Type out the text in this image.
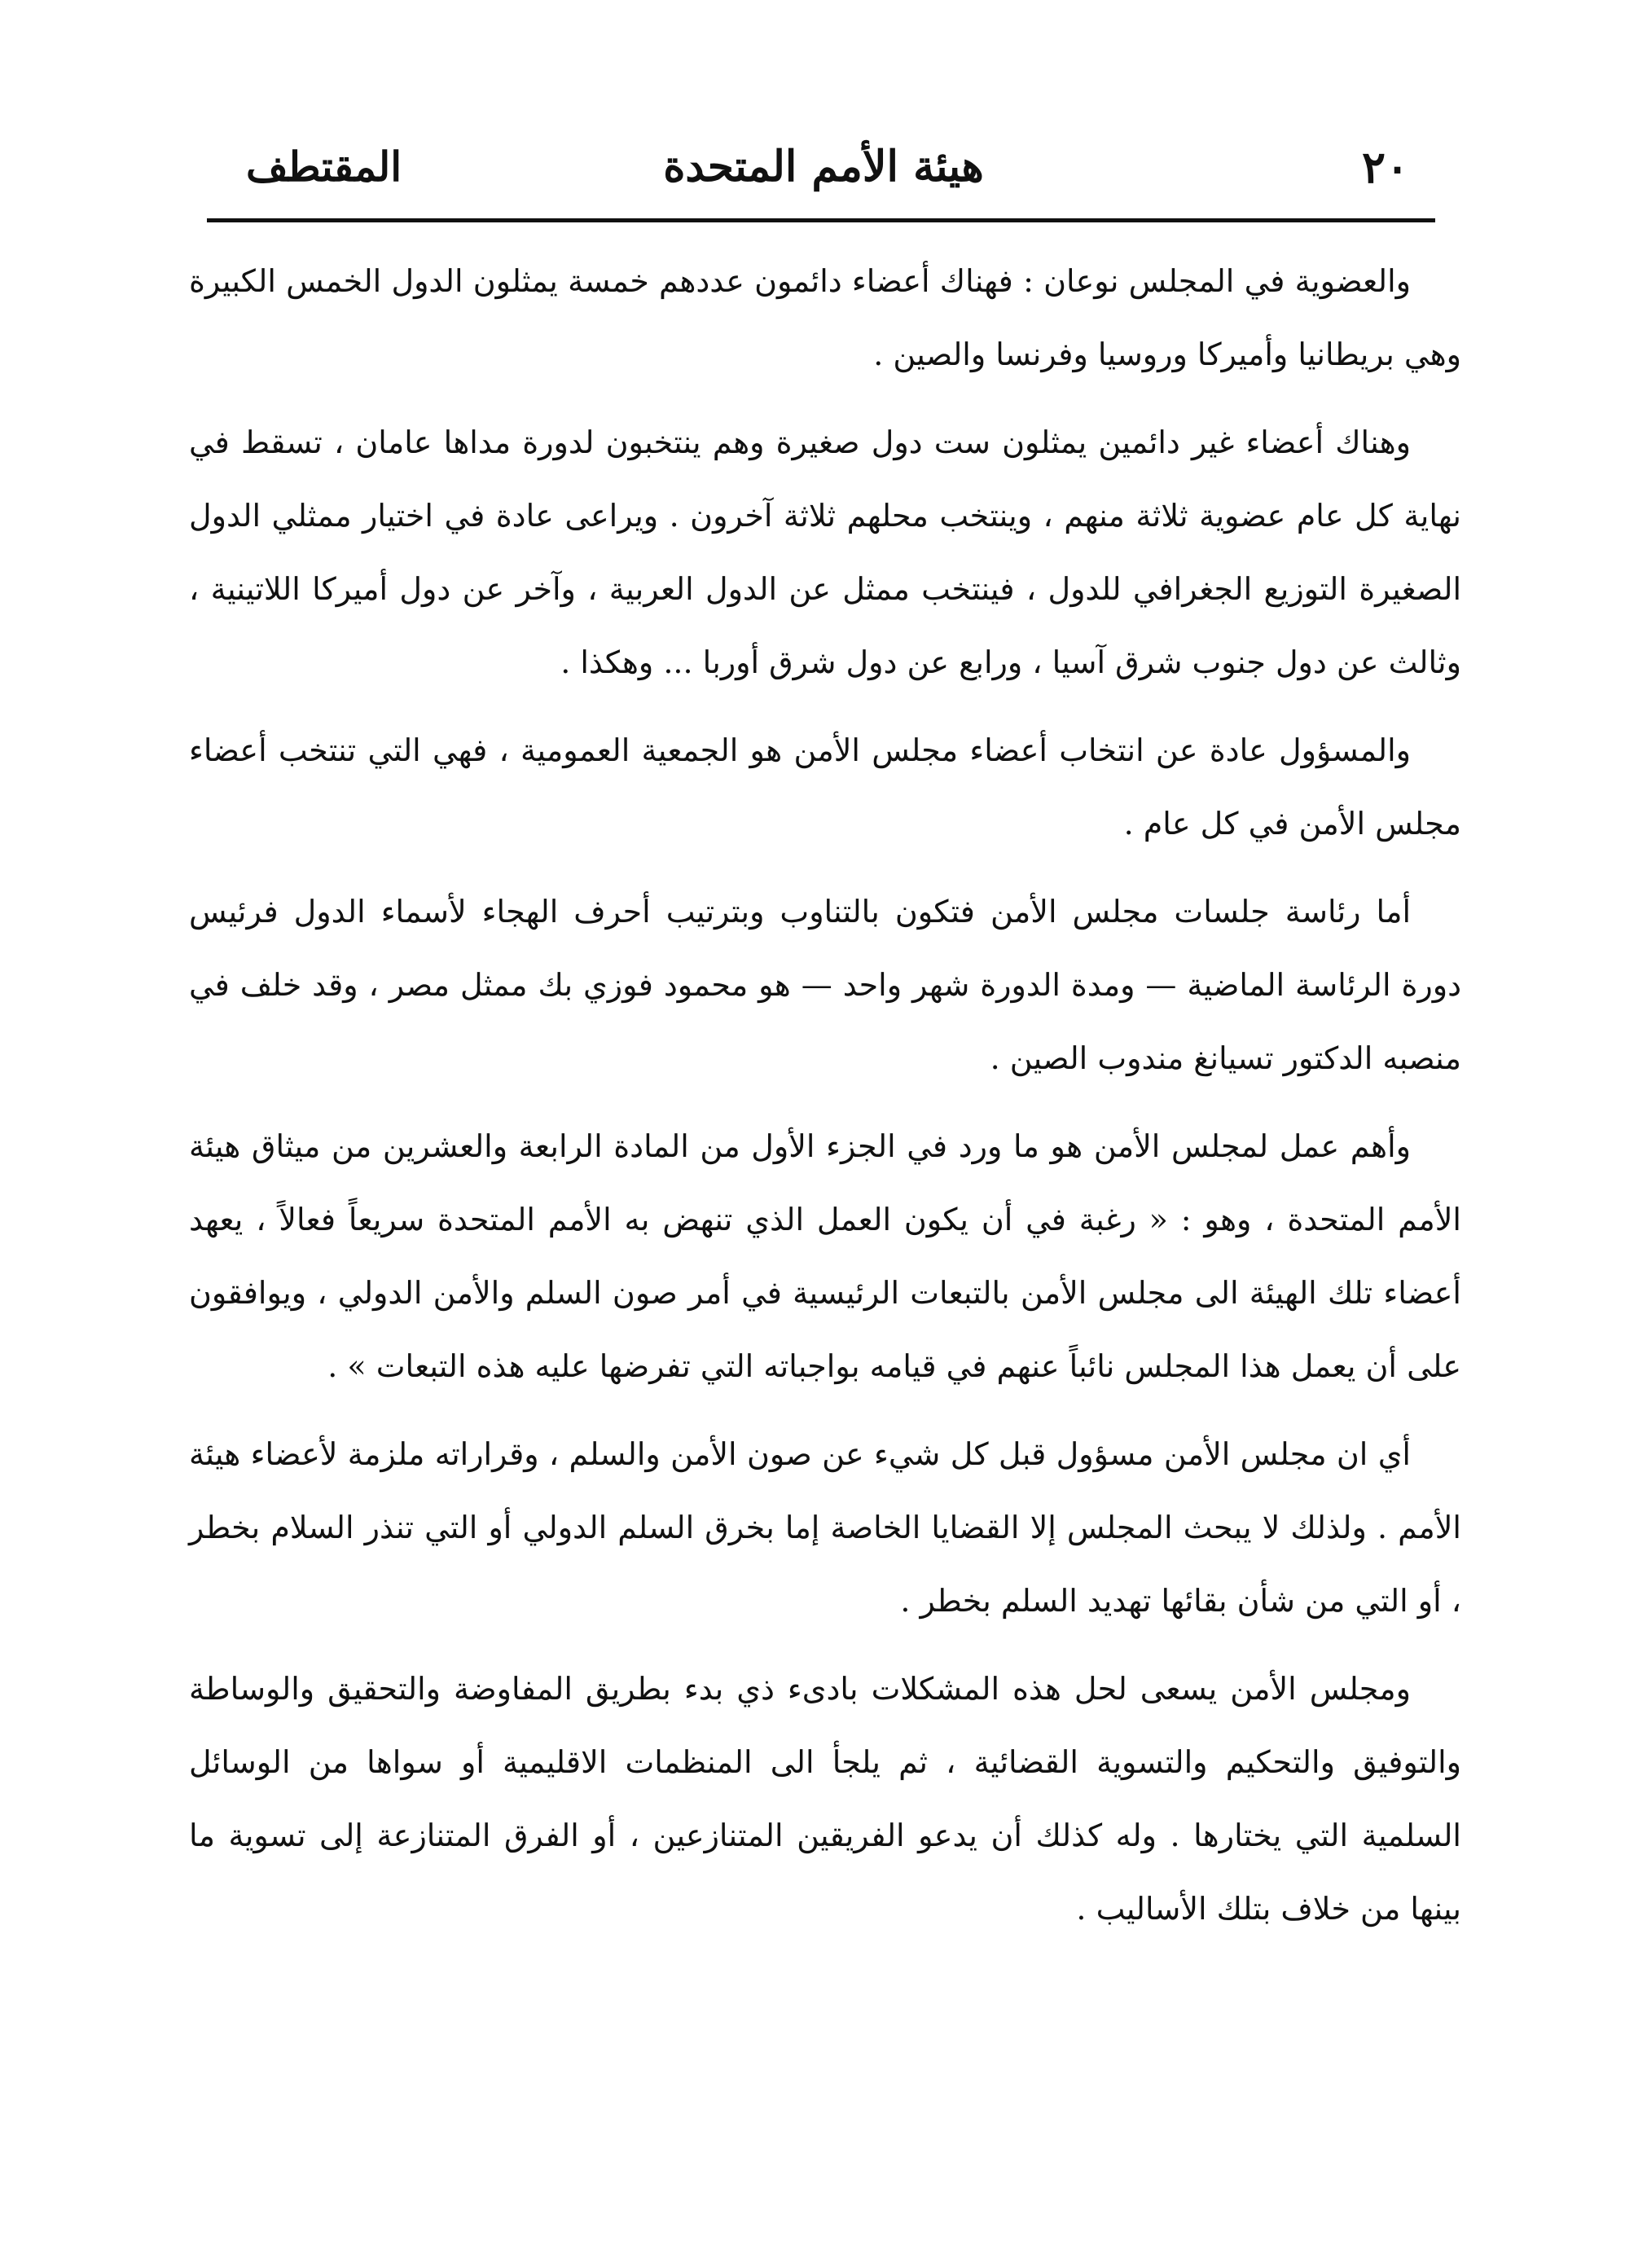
٢٠
هيئة الأمم المتحدة
المقتطف

والعضوية في المجلس نوعان : فهناك أعضاء دائمون عددهم خمسة يمثلون الدول الخمس الكبيرة وهي بريطانيا وأميركا وروسيا وفرنسا والصين .

وهناك أعضاء غير دائمين يمثلون ست دول صغيرة وهم ينتخبون لدورة مداها عامان ، تسقط في نهاية كل عام عضوية ثلاثة منهم ، وينتخب محلهم ثلاثة آخرون . ويراعى عادة في اختيار ممثلي الدول الصغيرة التوزيع الجغرافي للدول ، فينتخب ممثل عن الدول العربية ، وآخر عن دول أميركا اللاتينية ، وثالث عن دول جنوب شرق آسيا ، ورابع عن دول شرق أوربا ... وهكذا .

والمسؤول عادة عن انتخاب أعضاء مجلس الأمن هو الجمعية العمومية ، فهي التي تنتخب أعضاء مجلس الأمن في كل عام .

أما رئاسة جلسات مجلس الأمن فتكون بالتناوب وبترتيب أحرف الهجاء لأسماء الدول فرئيس دورة الرئاسة الماضية — ومدة الدورة شهر واحد — هو محمود فوزي بك ممثل مصر ، وقد خلف في منصبه الدكتور تسيانغ مندوب الصين .

وأهم عمل لمجلس الأمن هو ما ورد في الجزء الأول من المادة الرابعة والعشرين من ميثاق هيئة الأمم المتحدة ، وهو : « رغبة في أن يكون العمل الذي تنهض به الأمم المتحدة سريعاً فعالاً ، يعهد أعضاء تلك الهيئة الى مجلس الأمن بالتبعات الرئيسية في أمر صون السلم والأمن الدولي ، ويوافقون على أن يعمل هذا المجلس نائباً عنهم في قيامه بواجباته التي تفرضها عليه هذه التبعات » .

أي ان مجلس الأمن مسؤول قبل كل شيء عن صون الأمن والسلم ، وقراراته ملزمة لأعضاء هيئة الأمم . ولذلك لا يبحث المجلس إلا القضايا الخاصة إما بخرق السلم الدولي أو التي تنذر السلام بخطر ، أو التي من شأن بقائها تهديد السلم بخطر .

ومجلس الأمن يسعى لحل هذه المشكلات بادىء ذي بدء بطريق المفاوضة والتحقيق والوساطة والتوفيق والتحكيم والتسوية القضائية ، ثم يلجأ الى المنظمات الاقليمية أو سواها من الوسائل السلمية التي يختارها . وله كذلك أن يدعو الفريقين المتنازعين ، أو الفرق المتنازعة إلى تسوية ما بينها من خلاف بتلك الأساليب .
